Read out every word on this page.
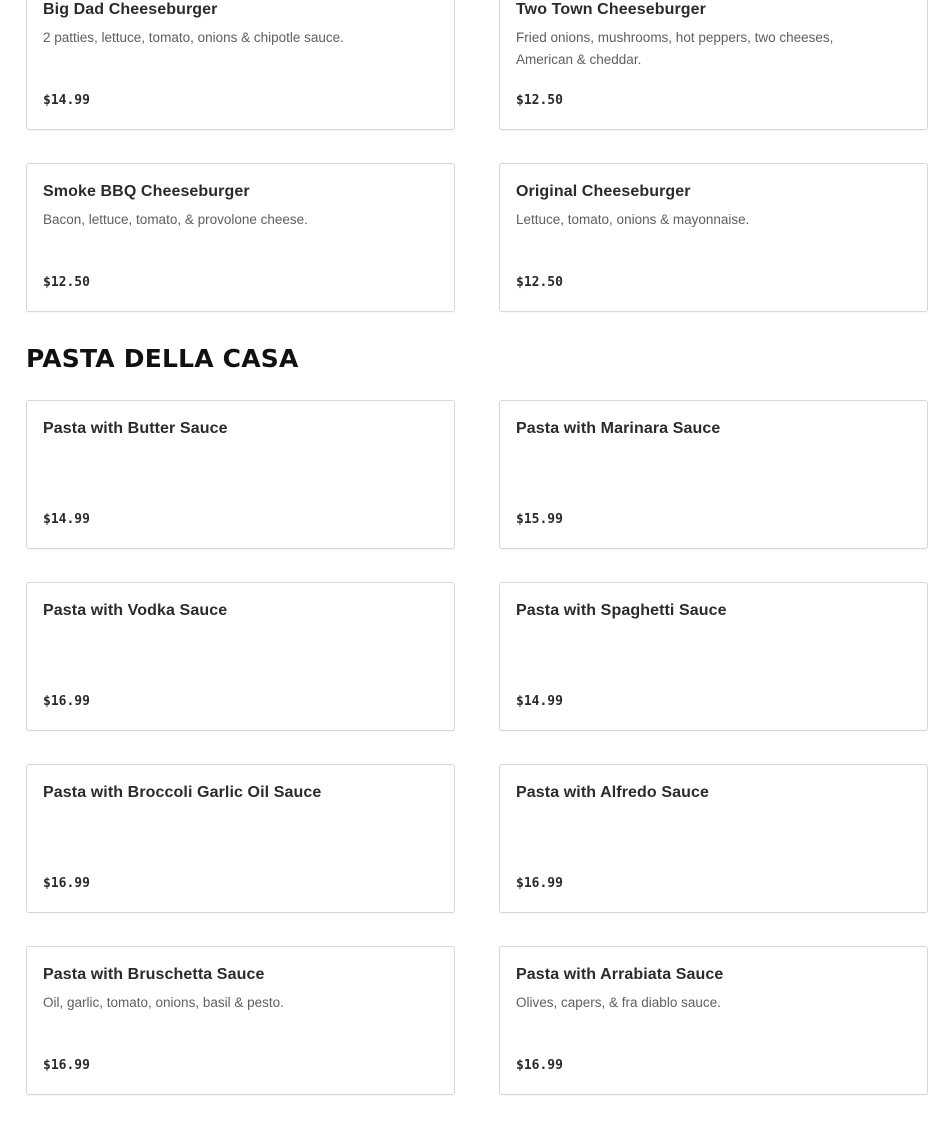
Big Dad Cheeseburger
2 patties, lettuce, tomato, onions & chipotle sauce.
$14.99
Two Town Cheeseburger
Fried onions, mushrooms, hot peppers, two cheeses, American & cheddar.
$12.50
Smoke BBQ Cheeseburger
Bacon, lettuce, tomato, & provolone cheese.
$12.50
Original Cheeseburger
Lettuce, tomato, onions & mayonnaise.
$12.50
PASTA DELLA CASA
Pasta with Butter Sauce
$14.99
Pasta with Marinara Sauce
$15.99
Pasta with Vodka Sauce
$16.99
Pasta with Spaghetti Sauce
$14.99
Pasta with Broccoli Garlic Oil Sauce
$16.99
Pasta with Alfredo Sauce
$16.99
Pasta with Bruschetta Sauce
Oil, garlic, tomato, onions, basil & pesto.
$16.99
Pasta with Arrabiata Sauce
Olives, capers, & fra diablo sauce.
$16.99
